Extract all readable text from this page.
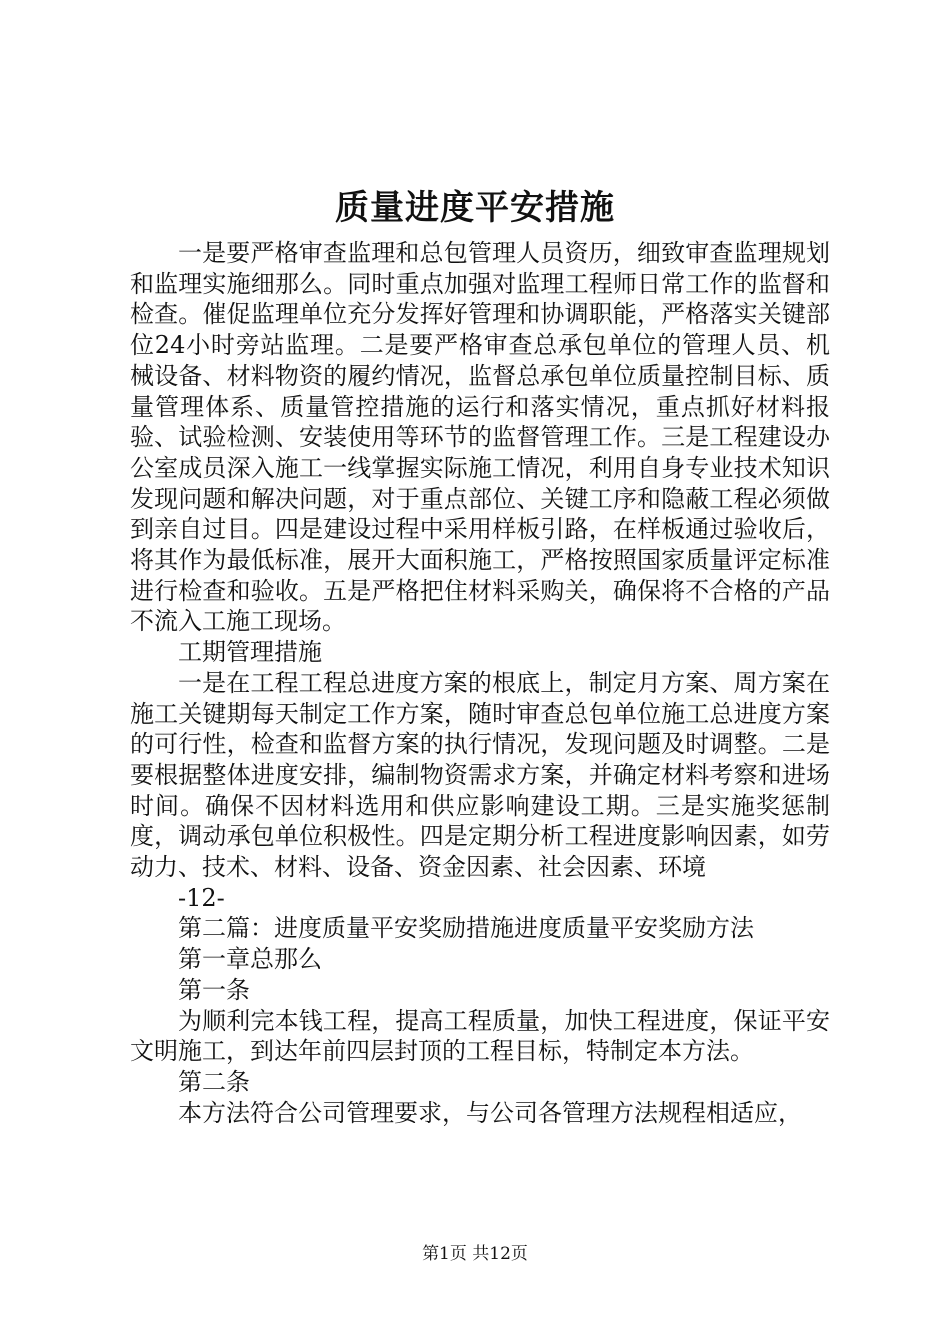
质量进度平安措施

一是要严格审查监理和总包管理人员资历，细致审查监理规划和监理实施细那么。同时重点加强对监理工程师日常工作的监督和检查。催促监理单位充分发挥好管理和协调职能，严格落实关键部位24小时旁站监理。二是要严格审查总承包单位的管理人员、机械设备、材料物资的履约情况，监督总承包单位质量控制目标、质量管理体系、质量管控措施的运行和落实情况，重点抓好材料报验、试验检测、安装使用等环节的监督管理工作。三是工程建设办公室成员深入施工一线掌握实际施工情况，利用自身专业技术知识发现问题和解决问题，对于重点部位、关键工序和隐蔽工程必须做到亲自过目。四是建设过程中采用样板引路，在样板通过验收后，将其作为最低标准，展开大面积施工，严格按照国家质量评定标准进行检查和验收。五是严格把住材料采购关，确保将不合格的产品不流入工施工现场。

工期管理措施

一是在工程工程总进度方案的根底上，制定月方案、周方案在施工关键期每天制定工作方案，随时审查总包单位施工总进度方案的可行性，检查和监督方案的执行情况，发现问题及时调整。二是要根据整体进度安排，编制物资需求方案，并确定材料考察和进场时间。确保不因材料选用和供应影响建设工期。三是实施奖惩制度，调动承包单位积极性。四是定期分析工程进度影响因素，如劳动力、技术、材料、设备、资金因素、社会因素、环境

-12-

第二篇：进度质量平安奖励措施进度质量平安奖励方法

第一章总那么

第一条

为顺利完本钱工程，提高工程质量，加快工程进度，保证平安文明施工，到达年前四层封顶的工程目标，特制定本方法。

第二条

本方法符合公司管理要求，与公司各管理方法规程相适应，

第1页 共12页
